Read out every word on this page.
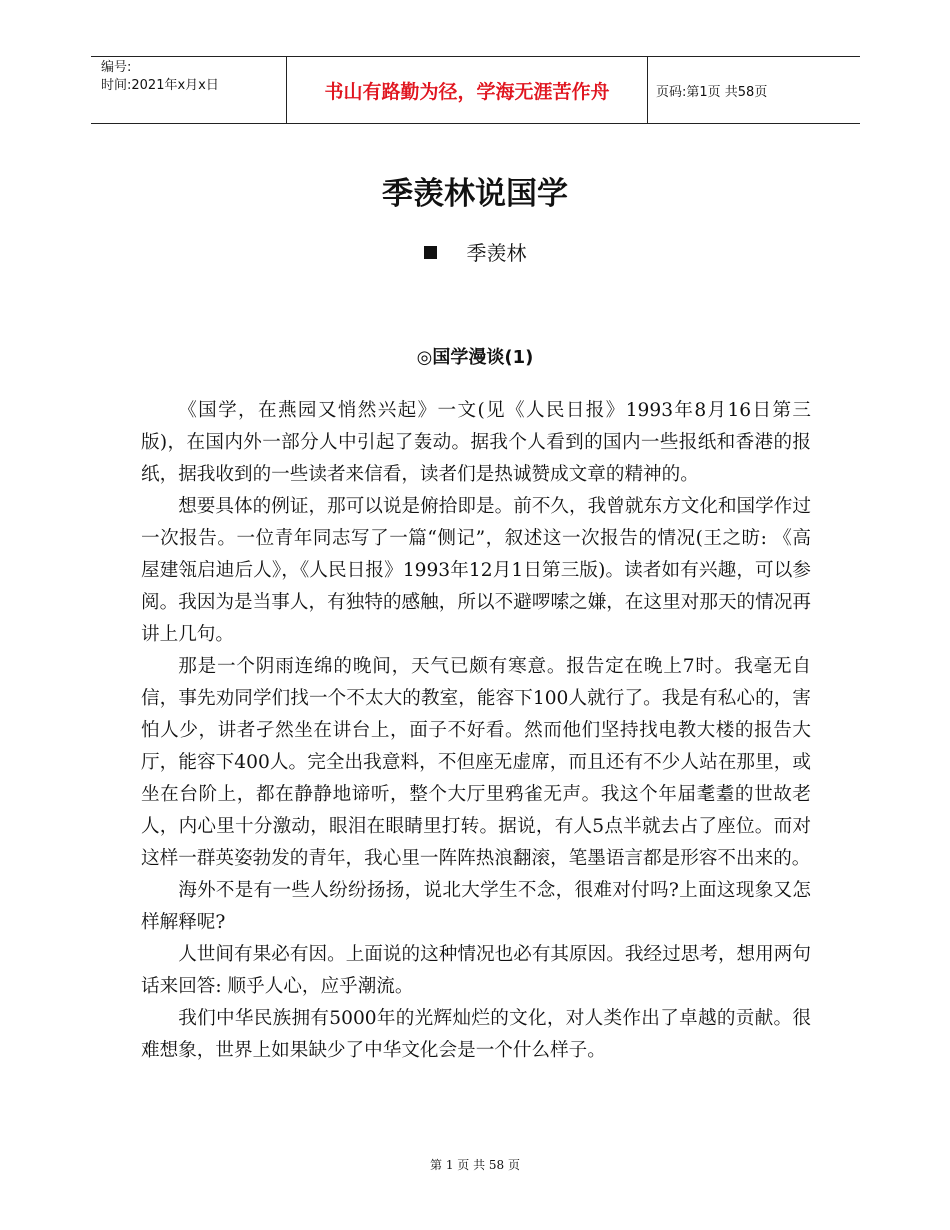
编号:
时间:2021年x月x日	书山有路勤为径，学海无涯苦作舟	页码:第1页 共58页
季羡林说国学
季羡林
◎国学漫谈(1)

《国学，在燕园又悄然兴起》一文(见《人民日报》1993年8月16日第三版)，在国内外一部分人中引起了轰动。据我个人看到的国内一些报纸和香港的报纸，据我收到的一些读者来信看，读者们是热诚赞成文章的精神的。

想要具体的例证，那可以说是俯拾即是。前不久，我曾就东方文化和国学作过一次报告。一位青年同志写了一篇“侧记”，叙述这一次报告的情况(王之昉: 《高屋建瓴启迪后人》，《人民日报》1993年12月1日第三版)。读者如有兴趣，可以参阅。我因为是当事人，有独特的感触，所以不避啰嗦之嫌，在这里对那天的情况再讲上几句。

那是一个阴雨连绵的晚间，天气已颇有寒意。报告定在晚上7时。我毫无自信，事先劝同学们找一个不太大的教室，能容下100人就行了。我是有私心的，害怕人少，讲者孑然坐在讲台上，面子不好看。然而他们坚持找电教大楼的报告大厅，能容下400人。完全出我意料，不但座无虚席，而且还有不少人站在那里，或坐在台阶上，都在静静地谛听，整个大厅里鸦雀无声。我这个年届耄耋的世故老人，内心里十分激动，眼泪在眼睛里打转。据说，有人5点半就去占了座位。而对这样一群英姿勃发的青年，我心里一阵阵热浪翻滚，笔墨语言都是形容不出来的。

海外不是有一些人纷纷扬扬，说北大学生不念，很难对付吗?上面这现象又怎样解释呢?

人世间有果必有因。上面说的这种情况也必有其原因。我经过思考，想用两句话来回答: 顺乎人心，应乎潮流。

我们中华民族拥有5000年的光辉灿烂的文化，对人类作出了卓越的贡献。很难想象，世界上如果缺少了中华文化会是一个什么样子。

第 1 页 共 58 页
